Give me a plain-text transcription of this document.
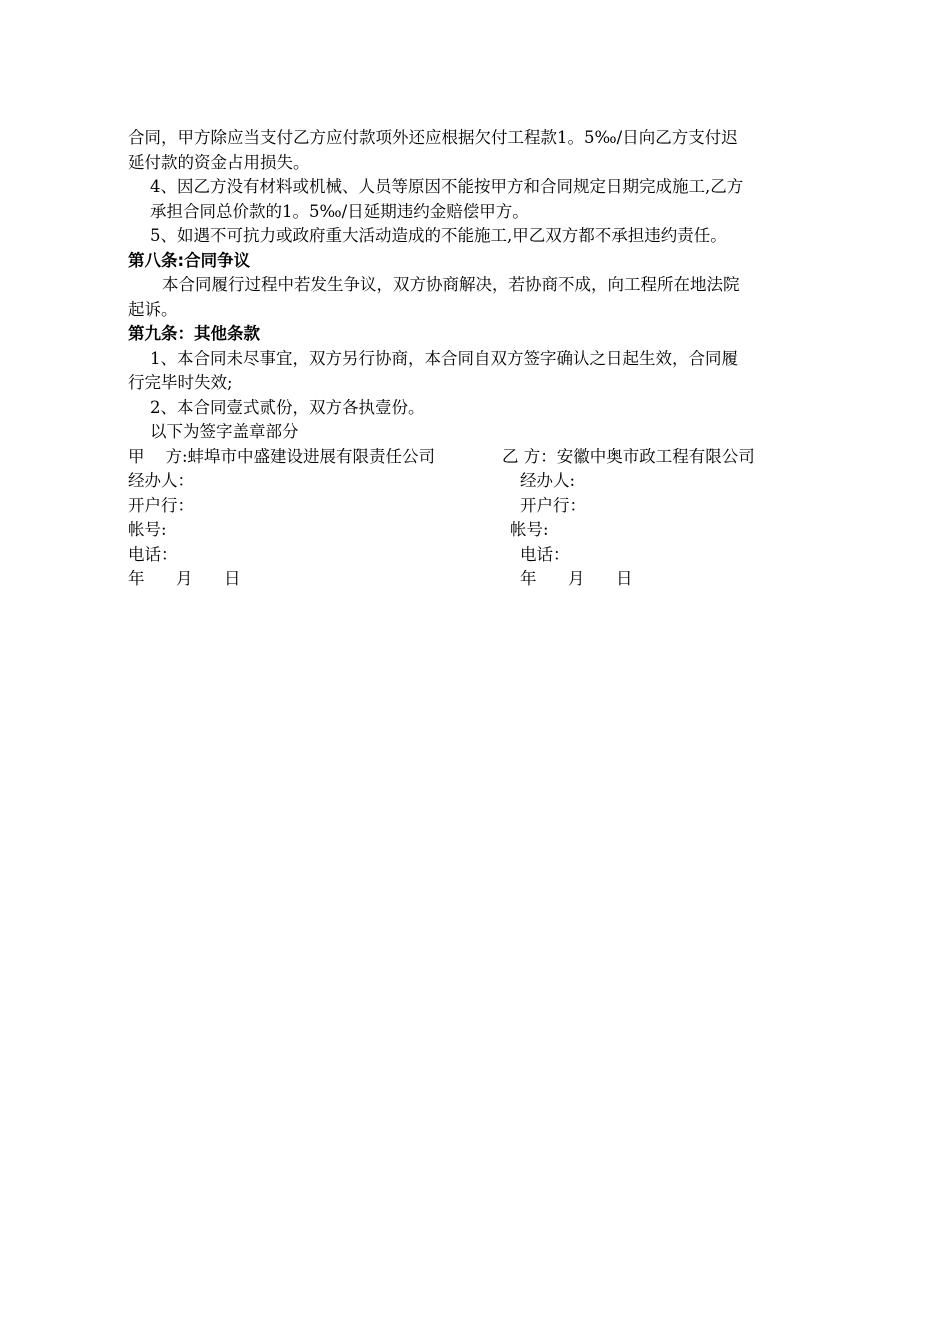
合同，甲方除应当支付乙方应付款项外还应根据欠付工程款1。5‰/日向乙方支付迟

延付款的资金占用损失。

4、因乙方没有材料或机械、人员等原因不能按甲方和合同规定日期完成施工,乙方

承担合同总价款的1。5‰/日延期违约金赔偿甲方。

5、如遇不可抗力或政府重大活动造成的不能施工,甲乙双方都不承担违约责任。

第八条:合同争议

本合同履行过程中若发生争议，双方协商解决，若协商不成，向工程所在地法院

起诉。

第九条：其他条款

1、本合同未尽事宜，双方另行协商，本合同自双方签字确认之日起生效，合同履

行完毕时失效;

2、本合同壹式贰份，双方各执壹份。

以下为签字盖章部分

甲    方:蚌埠市中盛建设进展有限责任公司	乙 方：安徽中奥市政工程有限公司
经办人：	经办人:
开户行：	开户行：
帐号:	帐号:
电话：	电话：
年 月 日	年 月 日
